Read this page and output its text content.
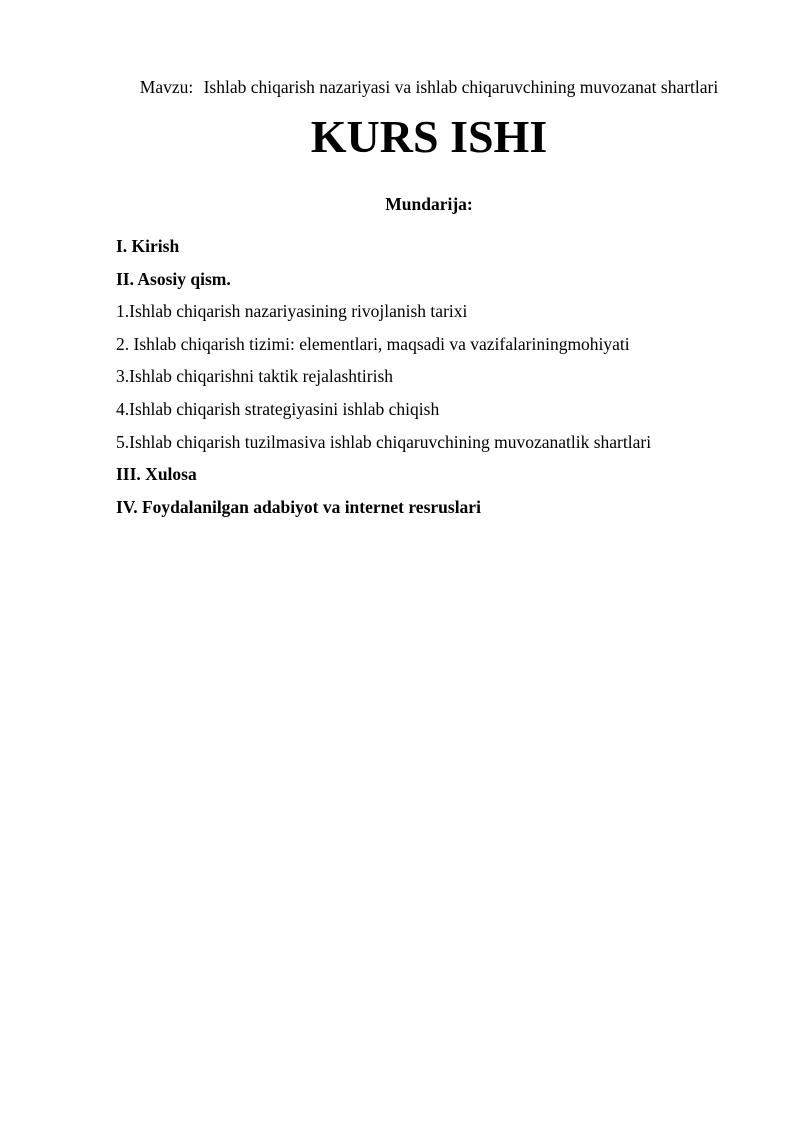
Mavzu: Ishlab chiqarish nazariyasi va ishlab chiqaruvchining muvozanat shartlari
KURS ISHI
Mundarija:
I. Kirish
II. Asosiy qism.
1.Ishlab chiqarish nazariyasining rivojlanish tarixi
2. Ishlab chiqarish tizimi: elementlari, maqsadi va vazifalariningmohiyati
3.Ishlab chiqarishni taktik rejalashtirish
4.Ishlab chiqarish strategiyasini ishlab chiqish
5.Ishlab chiqarish tuzilmasiva ishlab chiqaruvchining muvozanatlik shartlari
III. Xulosa
IV. Foydalanilgan adabiyot va internet resruslari
